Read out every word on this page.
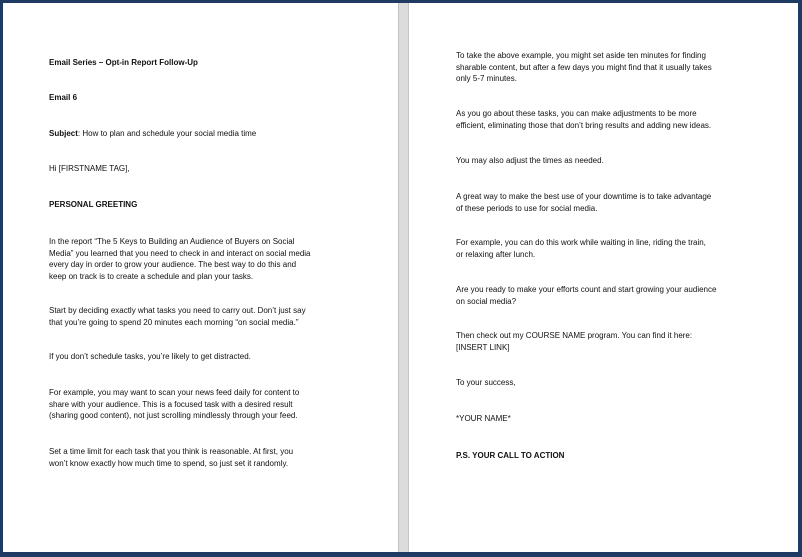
Email Series – Opt-in Report Follow-Up

Email 6

Subject: How to plan and schedule your social media time

Hi [FIRSTNAME TAG],

PERSONAL GREETING

In the report “The 5 Keys to Building an Audience of Buyers on Social
Media” you learned that you need to check in and interact on social media
every day in order to grow your audience. The best way to do this and
keep on track is to create a schedule and plan your tasks.

Start by deciding exactly what tasks you need to carry out. Don’t just say
that you’re going to spend 20 minutes each morning “on social media.”

If you don’t schedule tasks, you’re likely to get distracted.

For example, you may want to scan your news feed daily for content to
share with your audience. This is a focused task with a desired result
(sharing good content), not just scrolling mindlessly through your feed.

Set a time limit for each task that you think is reasonable. At first, you
won’t know exactly how much time to spend, so just set it randomly.

To take the above example, you might set aside ten minutes for finding
sharable content, but after a few days you might find that it usually takes
only 5-7 minutes.

As you go about these tasks, you can make adjustments to be more
efficient, eliminating those that don’t bring results and adding new ideas.

You may also adjust the times as needed.

A great way to make the best use of your downtime is to take advantage
of these periods to use for social media.

For example, you can do this work while waiting in line, riding the train,
or relaxing after lunch.

Are you ready to make your efforts count and start growing your audience
on social media?

Then check out my COURSE NAME program. You can find it here:
[INSERT LINK]

To your success,

*YOUR NAME*

P.S. YOUR CALL TO ACTION
